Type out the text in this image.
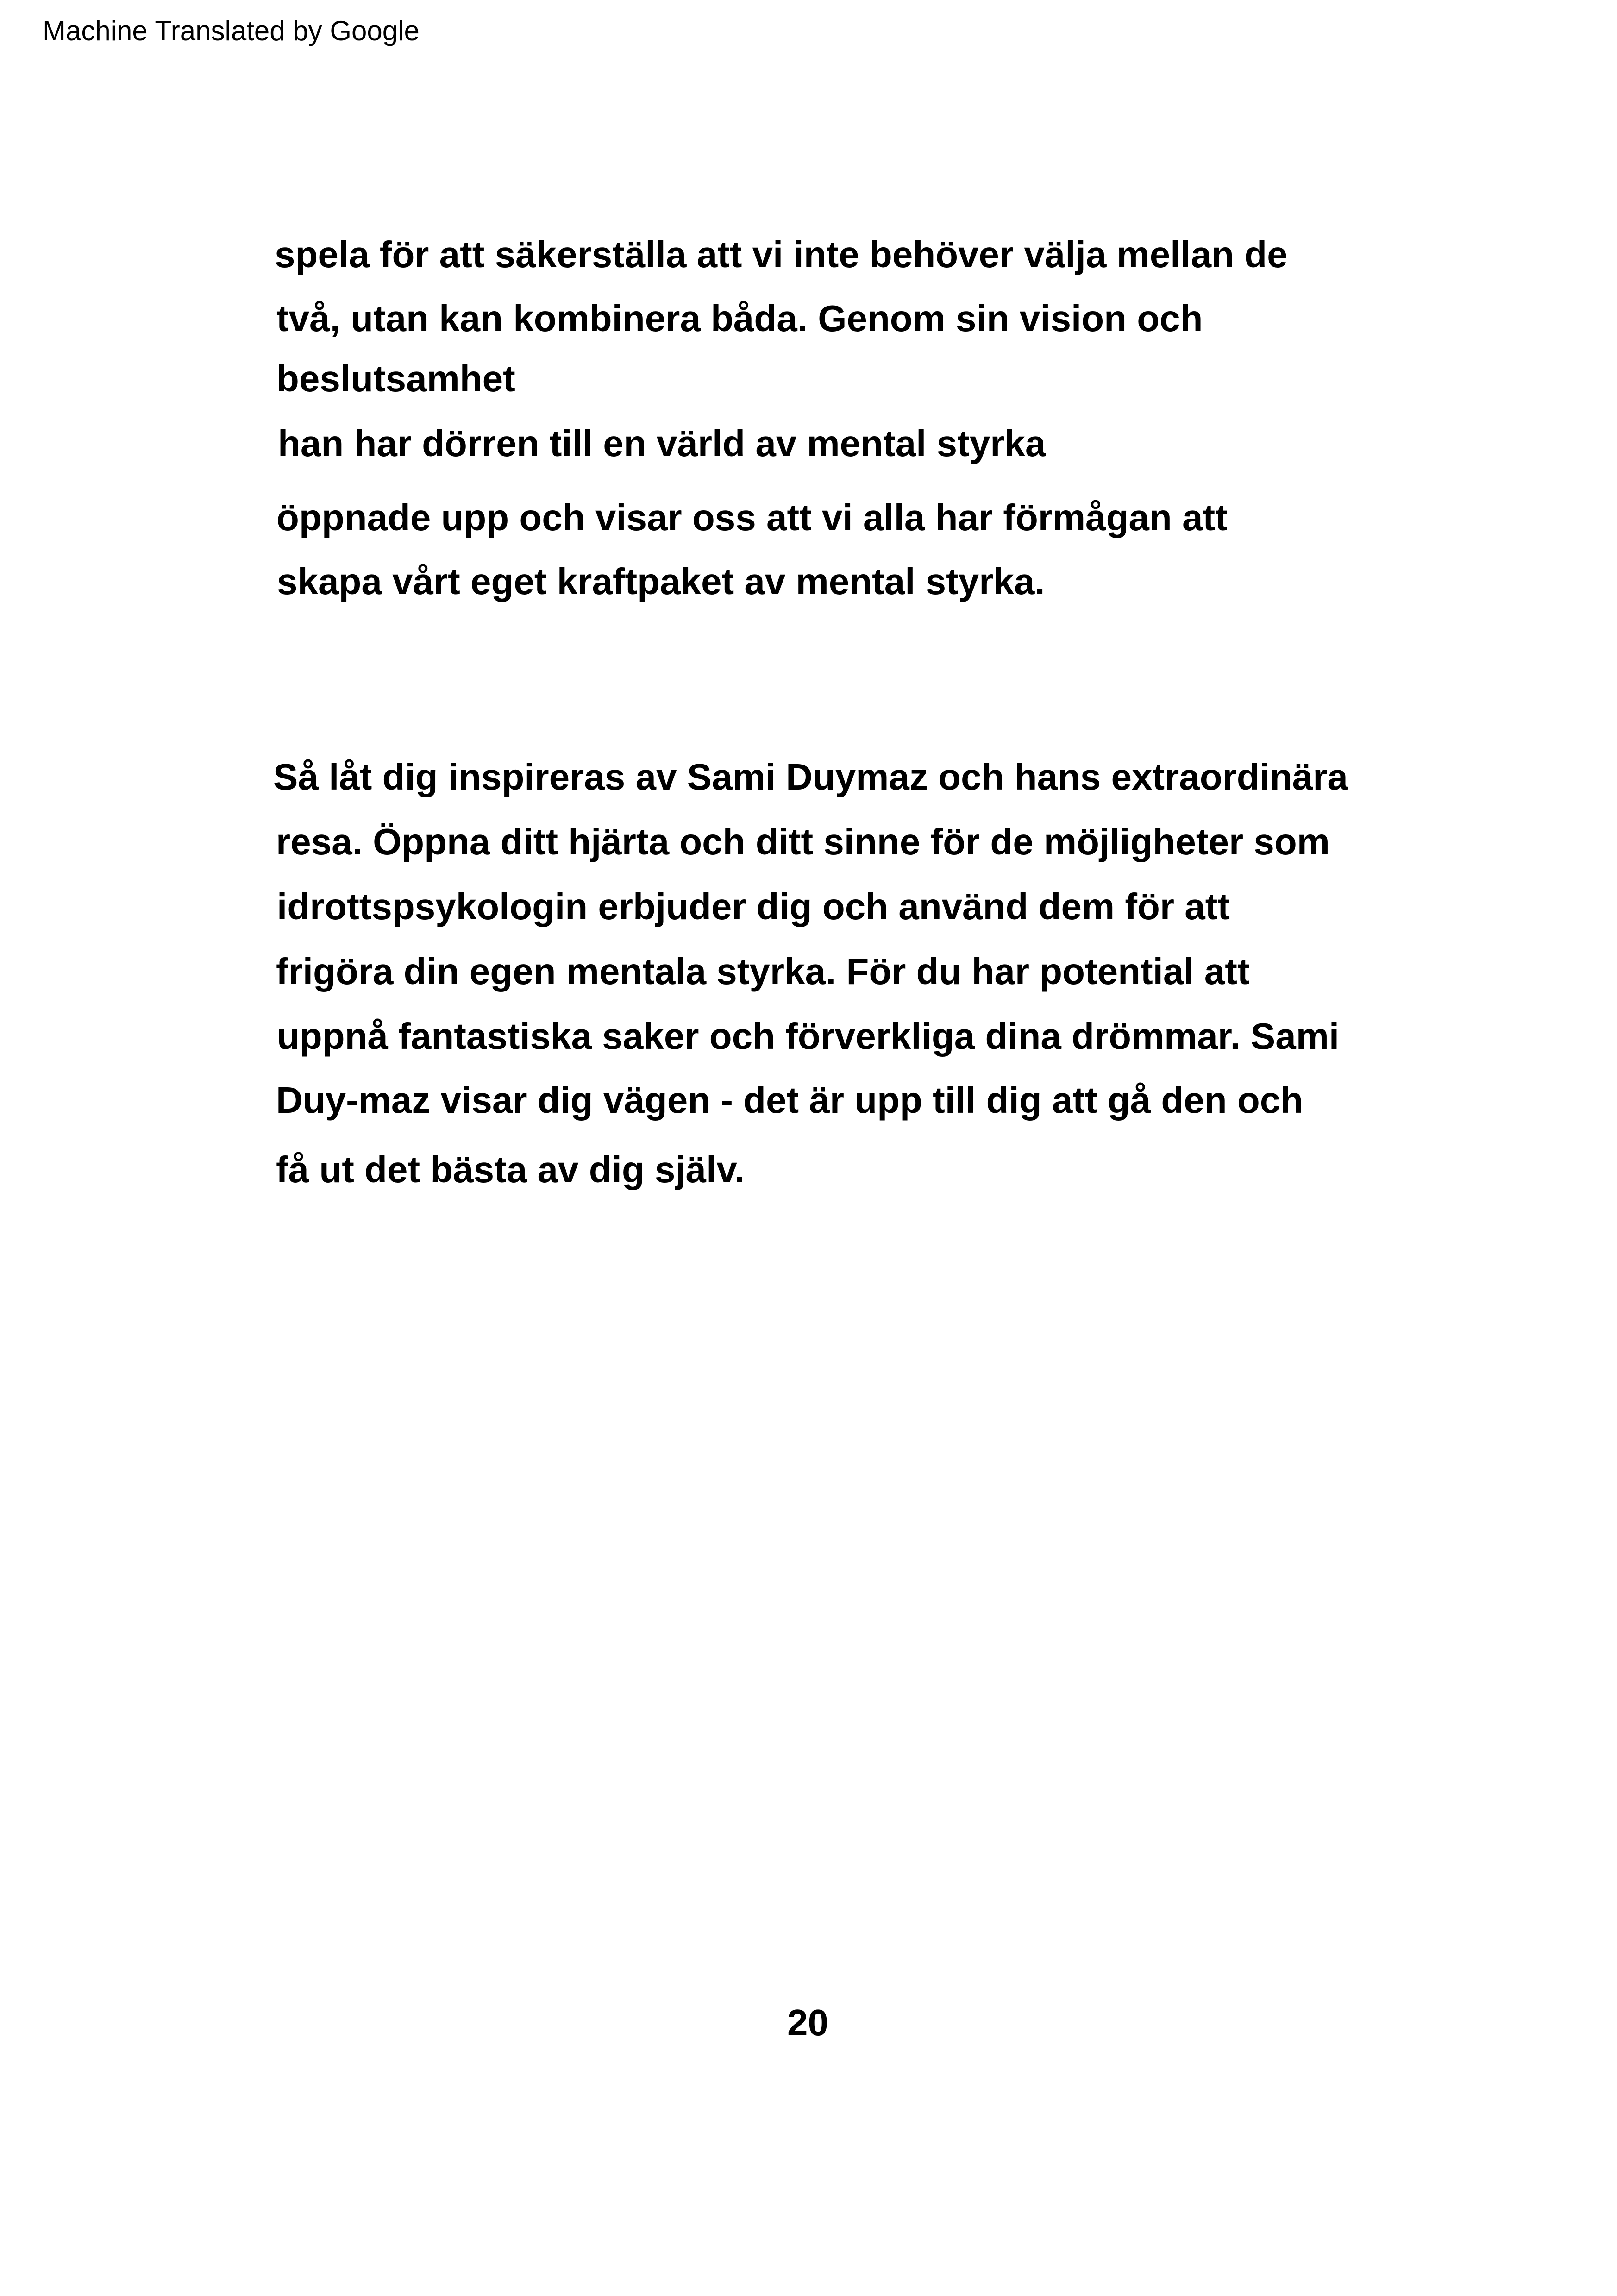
Machine Translated by Google
spela för att säkerställa att vi inte behöver välja mellan de
två, utan kan kombinera båda. Genom sin vision och
beslutsamhet
han har dörren till en värld av mental styrka
öppnade upp och visar oss att vi alla har förmågan att
skapa vårt eget kraftpaket av mental styrka.
Så låt dig inspireras av Sami Duymaz och hans extraordinära
resa. Öppna ditt hjärta och ditt sinne för de möjligheter som
idrottspsykologin erbjuder dig och använd dem för att
frigöra din egen mentala styrka. För du har potential att
uppnå fantastiska saker och förverkliga dina drömmar. Sami
Duy-maz visar dig vägen - det är upp till dig att gå den och
få ut det bästa av dig själv.
20
